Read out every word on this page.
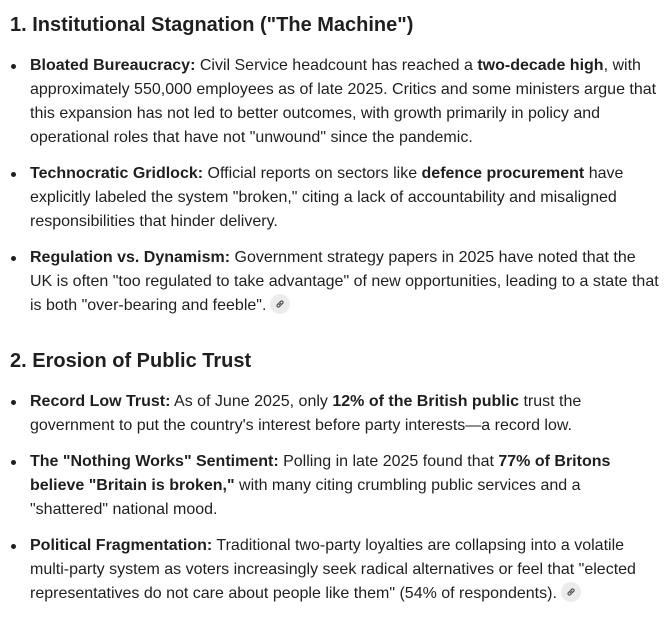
1. Institutional Stagnation ("The Machine")
Bloated Bureaucracy: Civil Service headcount has reached a two-decade high, with approximately 550,000 employees as of late 2025. Critics and some ministers argue that this expansion has not led to better outcomes, with growth primarily in policy and operational roles that have not "unwound" since the pandemic.
Technocratic Gridlock: Official reports on sectors like defence procurement have explicitly labeled the system "broken," citing a lack of accountability and misaligned responsibilities that hinder delivery.
Regulation vs. Dynamism: Government strategy papers in 2025 have noted that the UK is often "too regulated to take advantage" of new opportunities, leading to a state that is both "over-bearing and feeble".
2. Erosion of Public Trust
Record Low Trust: As of June 2025, only 12% of the British public trust the government to put the country's interest before party interests—a record low.
The "Nothing Works" Sentiment: Polling in late 2025 found that 77% of Britons believe "Britain is broken," with many citing crumbling public services and a "shattered" national mood.
Political Fragmentation: Traditional two-party loyalties are collapsing into a volatile multi-party system as voters increasingly seek radical alternatives or feel that "elected representatives do not care about people like them" (54% of respondents).
